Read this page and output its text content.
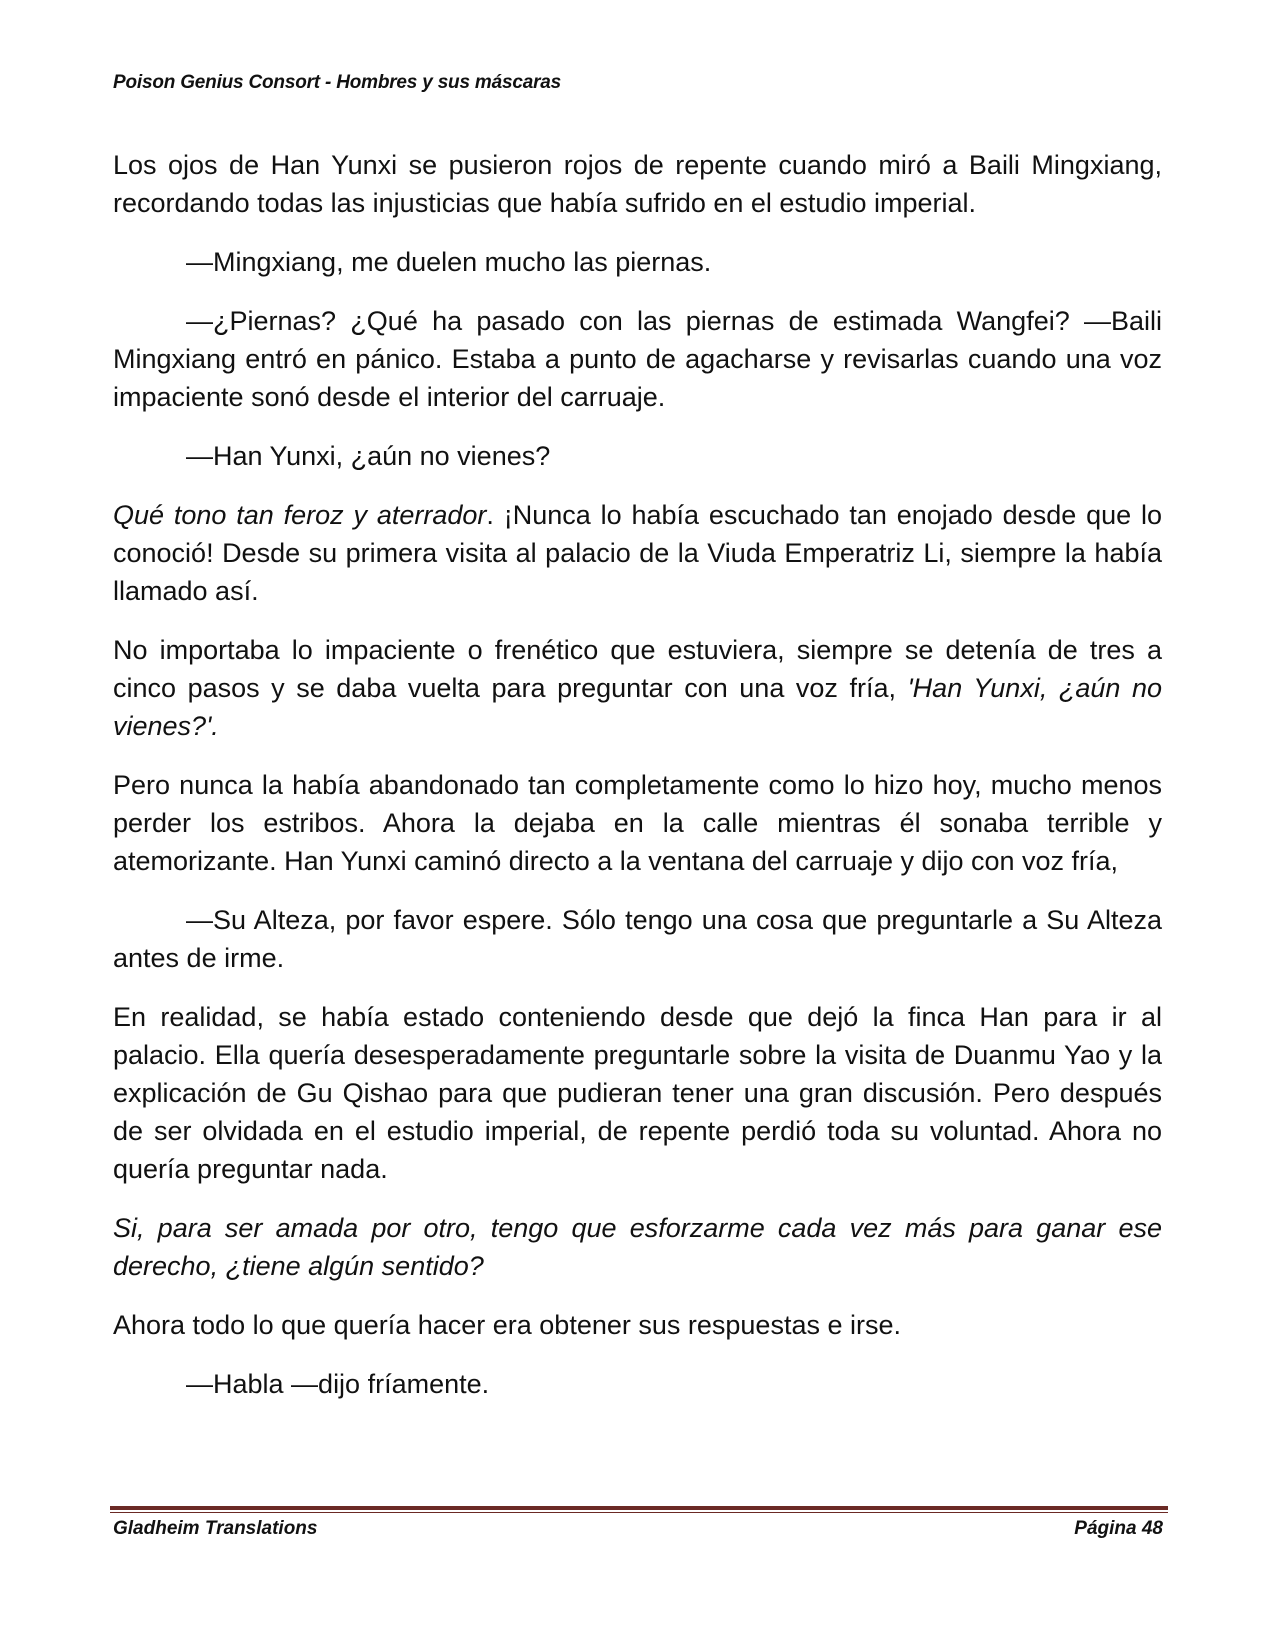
Poison Genius Consort - Hombres y sus máscaras

Los ojos de Han Yunxi se pusieron rojos de repente cuando miró a Baili Mingxiang, recordando todas las injusticias que había sufrido en el estudio imperial.

—Mingxiang, me duelen mucho las piernas.

—¿Piernas? ¿Qué ha pasado con las piernas de estimada Wangfei? —Baili Mingxiang entró en pánico. Estaba a punto de agacharse y revisarlas cuando una voz impaciente sonó desde el interior del carruaje.

—Han Yunxi, ¿aún no vienes?

Qué tono tan feroz y aterrador. ¡Nunca lo había escuchado tan enojado desde que lo conoció! Desde su primera visita al palacio de la Viuda Emperatriz Li, siempre la había llamado así.

No importaba lo impaciente o frenético que estuviera, siempre se detenía de tres a cinco pasos y se daba vuelta para preguntar con una voz fría, 'Han Yunxi, ¿aún no vienes?'.

Pero nunca la había abandonado tan completamente como lo hizo hoy, mucho menos perder los estribos. Ahora la dejaba en la calle mientras él sonaba terrible y atemorizante. Han Yunxi caminó directo a la ventana del carruaje y dijo con voz fría,

—Su Alteza, por favor espere. Sólo tengo una cosa que preguntarle a Su Alteza antes de irme.

En realidad, se había estado conteniendo desde que dejó la finca Han para ir al palacio. Ella quería desesperadamente preguntarle sobre la visita de Duanmu Yao y la explicación de Gu Qishao para que pudieran tener una gran discusión. Pero después de ser olvidada en el estudio imperial, de repente perdió toda su voluntad. Ahora no quería preguntar nada.

Si, para ser amada por otro, tengo que esforzarme cada vez más para ganar ese derecho, ¿tiene algún sentido?

Ahora todo lo que quería hacer era obtener sus respuestas e irse.

—Habla —dijo fríamente.

Gladheim Translations	Página 48
